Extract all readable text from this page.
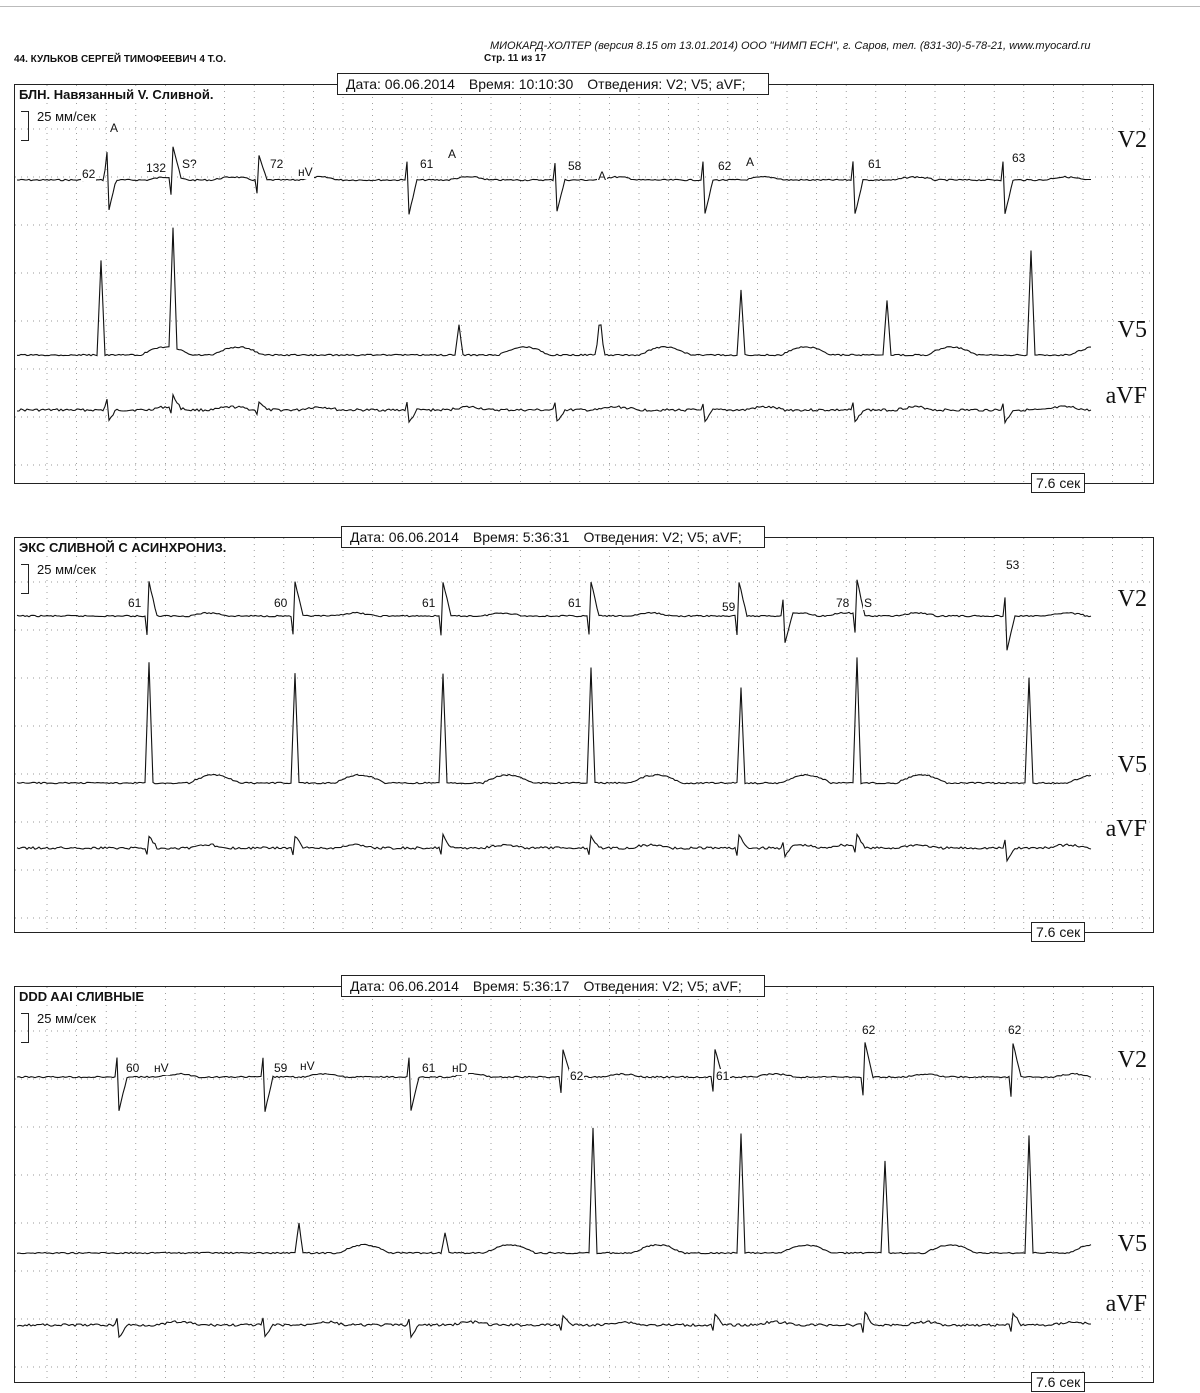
МИОКАРД-ХОЛТЕР (версия 8.15 от 13.01.2014) ООО "НИМП ЕСН", г. Саров, тел. (831-30)-5-78-21, www.myocard.ru
44. КУЛЬКОВ СЕРГЕЙ ТИМОФЕЕВИЧ 4 Т.О.	Стр. 11 из 17
БЛН. Навязанный V. Сливной.
25 мм/сек
V2
V5
aVF
62
A
132 S?	72
нV
61
A
58
A
62 A	61	63
Дата: 06.06.2014 Время: 10:10:30 Отведения: V2; V5; aVF;
7.6 сек
ЭКС СЛИВНОЙ С АСИНХРОНИЗ.
25 мм/сек
V2
V5
aVF
61	60	61	61	59	78 S
53
Дата: 06.06.2014 Время: 5:36:31 Отведения: V2; V5; aVF;
7.6 сек
DDD AAI СЛИВНЫЕ
25 мм/сек
V2
V5
aVF
60 нV	59 нV	61 нD
62	61
62	62
Дата: 06.06.2014 Время: 5:36:17 Отведения: V2; V5; aVF;
7.6 сек
